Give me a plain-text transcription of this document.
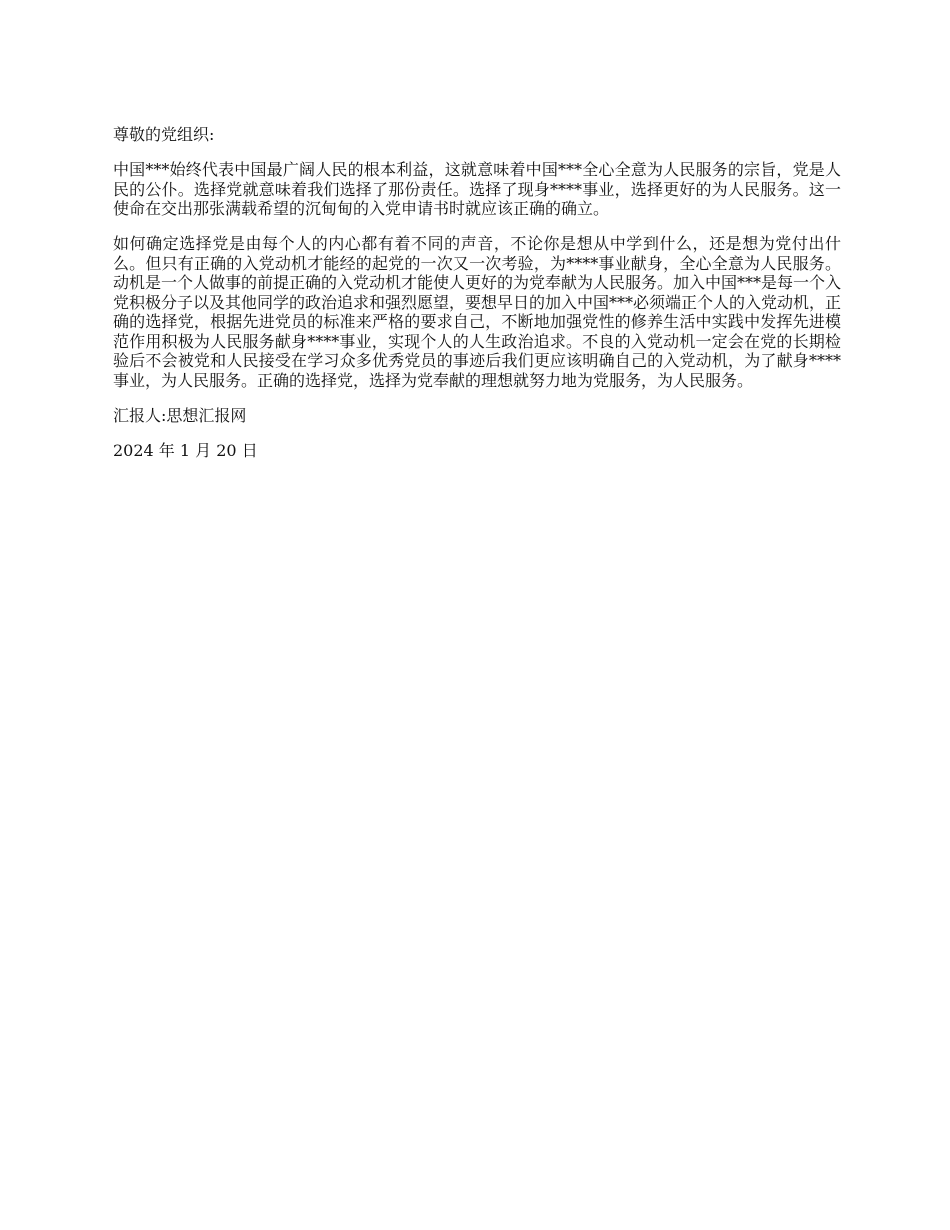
尊敬的党组织:

中国***始终代表中国最广阔人民的根本利益，这就意味着中国***全心全意为人民服务的宗旨，党是人民的公仆。选择党就意味着我们选择了那份责任。选择了现身****事业，选择更好的为人民服务。这一使命在交出那张满载希望的沉甸甸的入党申请书时就应该正确的确立。

如何确定选择党是由每个人的内心都有着不同的声音，不论你是想从中学到什么，还是想为党付出什么。但只有正确的入党动机才能经的起党的一次又一次考验，为****事业献身，全心全意为人民服务。动机是一个人做事的前提正确的入党动机才能使人更好的为党奉献为人民服务。加入中国***是每一个入党积极分子以及其他同学的政治追求和强烈愿望，要想早日的加入中国***必须端正个人的入党动机，正确的选择党，根据先进党员的标准来严格的要求自己，不断地加强党性的修养生活中实践中发挥先进模范作用积极为人民服务献身****事业，实现个人的人生政治追求。不良的入党动机一定会在党的长期检验后不会被党和人民接受在学习众多优秀党员的事迹后我们更应该明确自己的入党动机，为了献身****事业，为人民服务。正确的选择党，选择为党奉献的理想就努力地为党服务，为人民服务。

汇报人:思想汇报网

2024 年 1 月 20 日
